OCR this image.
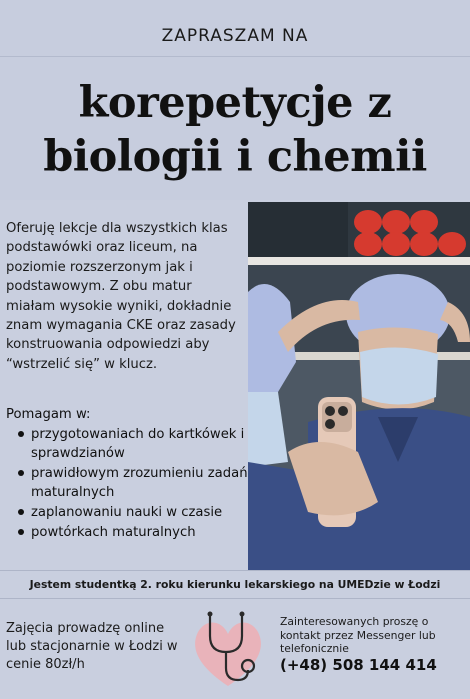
ZAPRASZAM NA
korepetycje z
biologii i chemii
Oferuję lekcje dla wszystkich klas podstawówki oraz liceum, na poziomie rozszerzonym jak i podstawowym. Z obu matur miałam wysokie wyniki, dokładnie znam wymagania CKE oraz zasady konstruowania odpowiedzi aby “wstrzelić się” w klucz.
Pomagam w:
przygotowaniach do kartkówek i sprawdzianów
prawidłowym zrozumieniu zadań maturalnych
zaplanowaniu nauki w czasie
powtórkach maturalnych
Jestem studentką 2. roku kierunku lekarskiego na UMEDzie w Łodzi
Zajęcia prowadzę online lub stacjonarnie w Łodzi w cenie 80zł/h
Zainteresowanych proszę o kontakt przez Messenger lub telefonicznie
(+48) 508 144 414
